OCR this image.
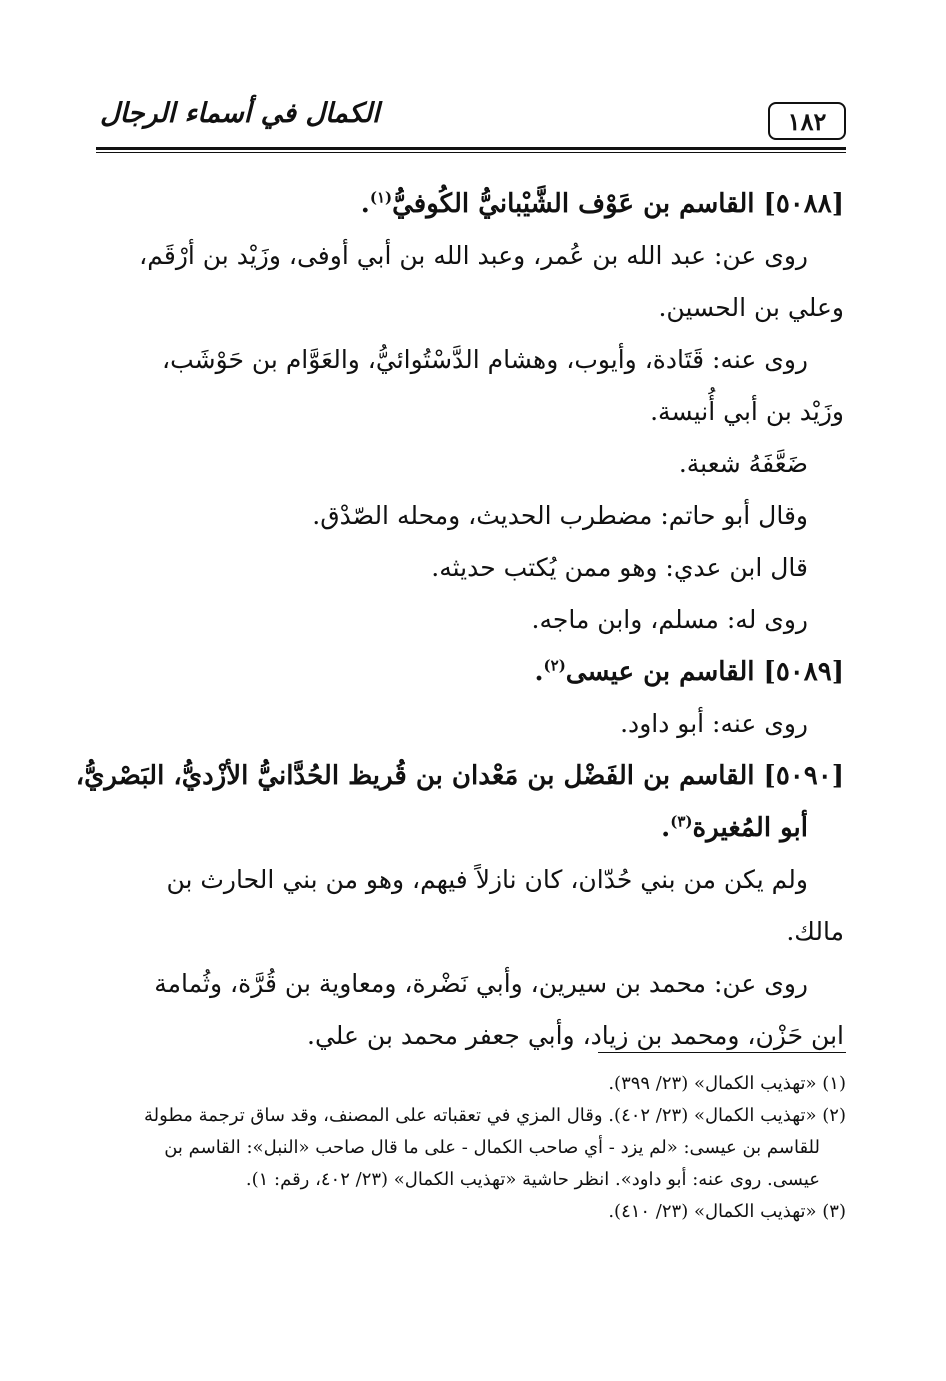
١٨٢
الكمال في أسماء الرجال
[٥٠٨٨] القاسم بن عَوْف الشَّيْبانيُّ الكُوفيُّ$^{(١)}$.
روى عن: عبد الله بن عُمر، وعبد الله بن أبي أوفى، وزَيْد بن أرْقَم،
وعلي بن الحسين.
روى عنه: قَتَادة، وأيوب، وهشام الدَّسْتُوائيُّ، والعَوَّام بن حَوْشَب،
وزَيْد بن أبي أُنيسة.
ضَعَّفَهُ شعبة.
وقال أبو حاتم: مضطرب الحديث، ومحله الصّدْق.
قال ابن عدي: وهو ممن يُكتب حديثه.
روى له: مسلم، وابن ماجه.
[٥٠٨٩] القاسم بن عيسى$^{(٢)}$.
روى عنه: أبو داود.
[٥٠٩٠] القاسم بن الفَضْل بن مَعْدان بن قُريظ الحُدَّانيُّ الأزْديُّ، البَصْريُّ،
أبو المُغيرة$^{(٣)}$.
ولم يكن من بني حُدّان، كان نازلاً فيهم، وهو من بني الحارث بن
مالك.
روى عن: محمد بن سيرين، وأبي نَضْرة، ومعاوية بن قُرَّة، وثُمامة
ابن حَزْن، ومحمد بن زياد، وأبي جعفر محمد بن علي.
(١) «تهذيب الكمال» (٢٣/ ٣٩٩).
(٢) «تهذيب الكمال» (٢٣/ ٤٠٢). وقال المزي في تعقباته على المصنف، وقد ساق ترجمة مطولة
للقاسم بن عيسى: «لم يزد - أي صاحب الكمال - على ما قال صاحب «النبل»: القاسم بن
عيسى. روى عنه: أبو داود». انظر حاشية «تهذيب الكمال» (٢٣/ ٤٠٢، رقم: ١).
(٣) «تهذيب الكمال» (٢٣/ ٤١٠).
